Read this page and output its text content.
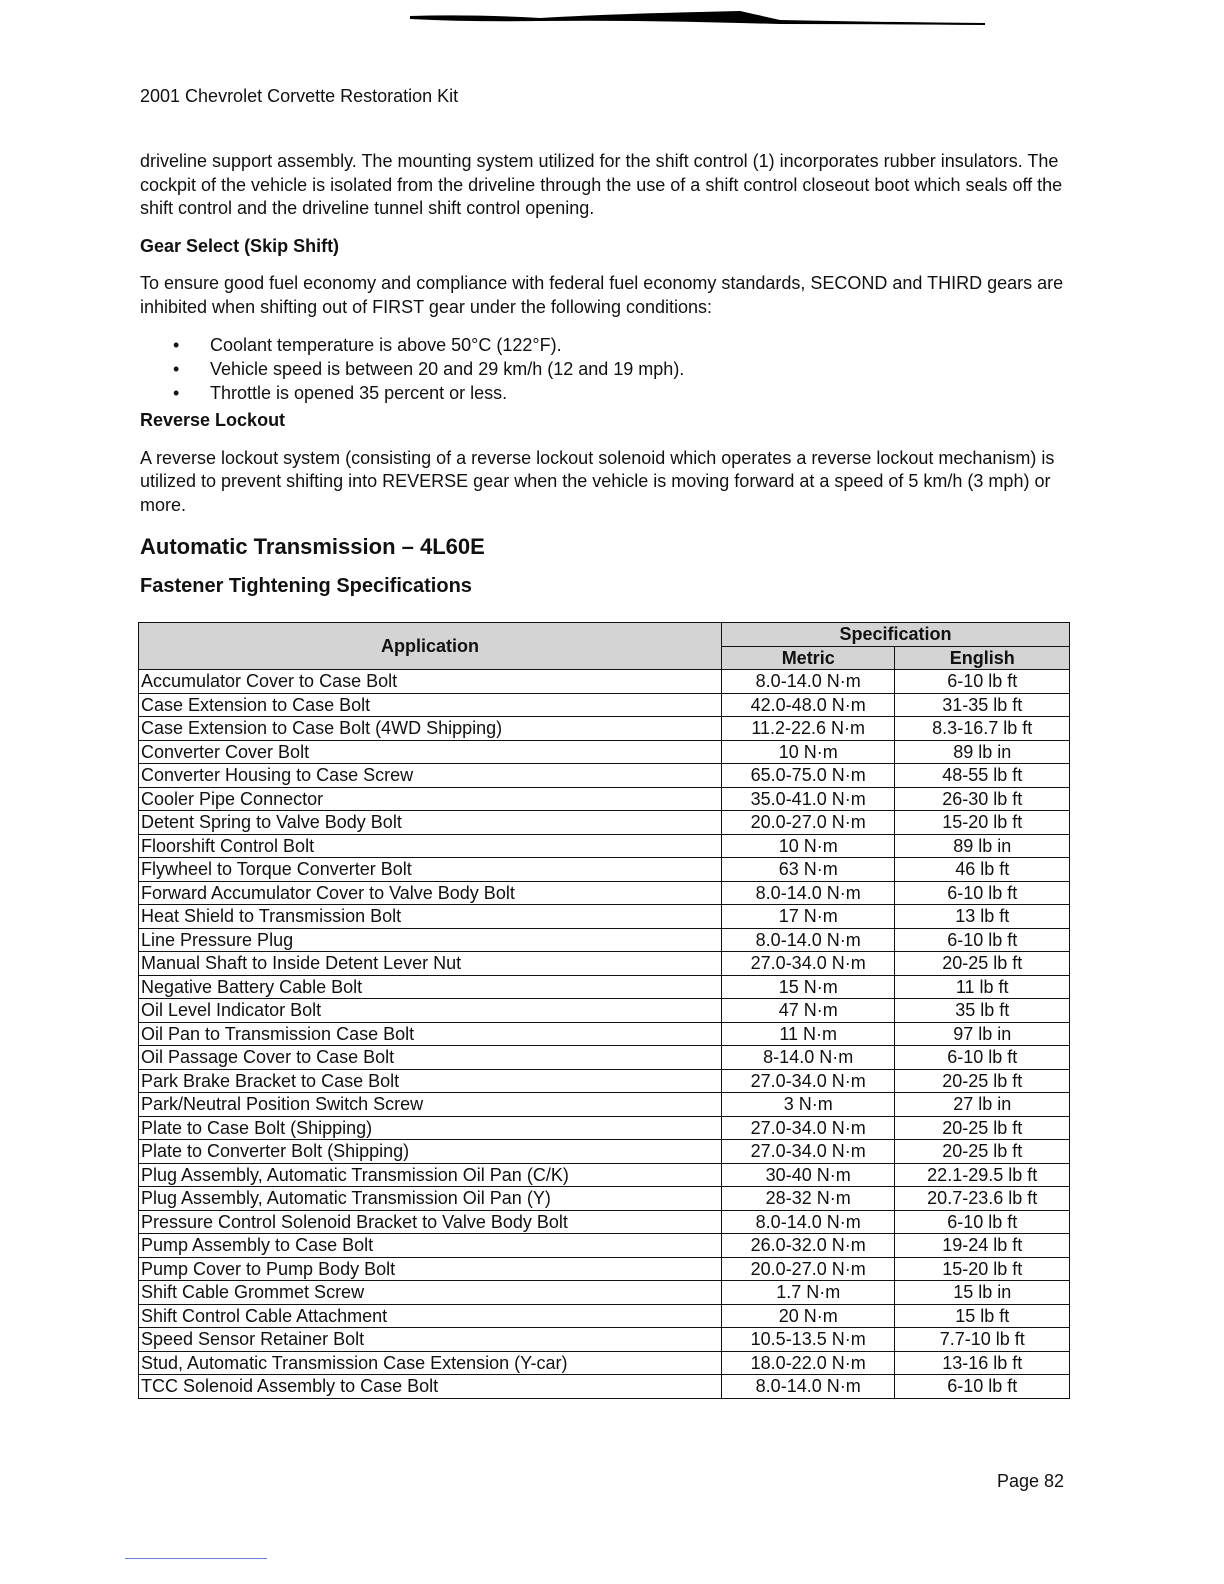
2001 Chevrolet Corvette Restoration Kit

driveline support assembly. The mounting system utilized for the shift control (1) incorporates rubber insulators. The cockpit of the vehicle is isolated from the driveline through the use of a shift control closeout boot which seals off the shift control and the driveline tunnel shift control opening.

Gear Select (Skip Shift)

To ensure good fuel economy and compliance with federal fuel economy standards, SECOND and THIRD gears are inhibited when shifting out of FIRST gear under the following conditions:

• Coolant temperature is above 50°C (122°F).
• Vehicle speed is between 20 and 29 km/h (12 and 19 mph).
• Throttle is opened 35 percent or less.
Reverse Lockout

A reverse lockout system (consisting of a reverse lockout solenoid which operates a reverse lockout mechanism) is utilized to prevent shifting into REVERSE gear when the vehicle is moving forward at a speed of 5 km/h (3 mph) or more.

Automatic Transmission – 4L60E
Fastener Tightening Specifications
Application	Specification	
	Metric	English
Accumulator Cover to Case Bolt	8.0-14.0 N·m	6-10 lb ft
Case Extension to Case Bolt	42.0-48.0 N·m	31-35 lb ft
Case Extension to Case Bolt (4WD Shipping)	11.2-22.6 N·m	8.3-16.7 lb ft
Converter Cover Bolt	10 N·m	89 lb in
Converter Housing to Case Screw	65.0-75.0 N·m	48-55 lb ft
Cooler Pipe Connector	35.0-41.0 N·m	26-30 lb ft
Detent Spring to Valve Body Bolt	20.0-27.0 N·m	15-20 lb ft
Floorshift Control Bolt	10 N·m	89 lb in
Flywheel to Torque Converter Bolt	63 N·m	46 lb ft
Forward Accumulator Cover to Valve Body Bolt	8.0-14.0 N·m	6-10 lb ft
Heat Shield to Transmission Bolt	17 N·m	13 lb ft
Line Pressure Plug	8.0-14.0 N·m	6-10 lb ft
Manual Shaft to Inside Detent Lever Nut	27.0-34.0 N·m	20-25 lb ft
Negative Battery Cable Bolt	15 N·m	11 lb ft
Oil Level Indicator Bolt	47 N·m	35 lb ft
Oil Pan to Transmission Case Bolt	11 N·m	97 lb in
Oil Passage Cover to Case Bolt	8-14.0 N·m	6-10 lb ft
Park Brake Bracket to Case Bolt	27.0-34.0 N·m	20-25 lb ft
Park/Neutral Position Switch Screw	3 N·m	27 lb in
Plate to Case Bolt (Shipping)	27.0-34.0 N·m	20-25 lb ft
Plate to Converter Bolt (Shipping)	27.0-34.0 N·m	20-25 lb ft
Plug Assembly, Automatic Transmission Oil Pan (C/K)	30-40 N·m	22.1-29.5 lb ft
Plug Assembly, Automatic Transmission Oil Pan (Y)	28-32 N·m	20.7-23.6 lb ft
Pressure Control Solenoid Bracket to Valve Body Bolt	8.0-14.0 N·m	6-10 lb ft
Pump Assembly to Case Bolt	26.0-32.0 N·m	19-24 lb ft
Pump Cover to Pump Body Bolt	20.0-27.0 N·m	15-20 lb ft
Shift Cable Grommet Screw	1.7 N·m	15 lb in
Shift Control Cable Attachment	20 N·m	15 lb ft
Speed Sensor Retainer Bolt	10.5-13.5 N·m	7.7-10 lb ft
Stud, Automatic Transmission Case Extension (Y-car)	18.0-22.0 N·m	13-16 lb ft
TCC Solenoid Assembly to Case Bolt	8.0-14.0 N·m	6-10 lb ft
Page 82
